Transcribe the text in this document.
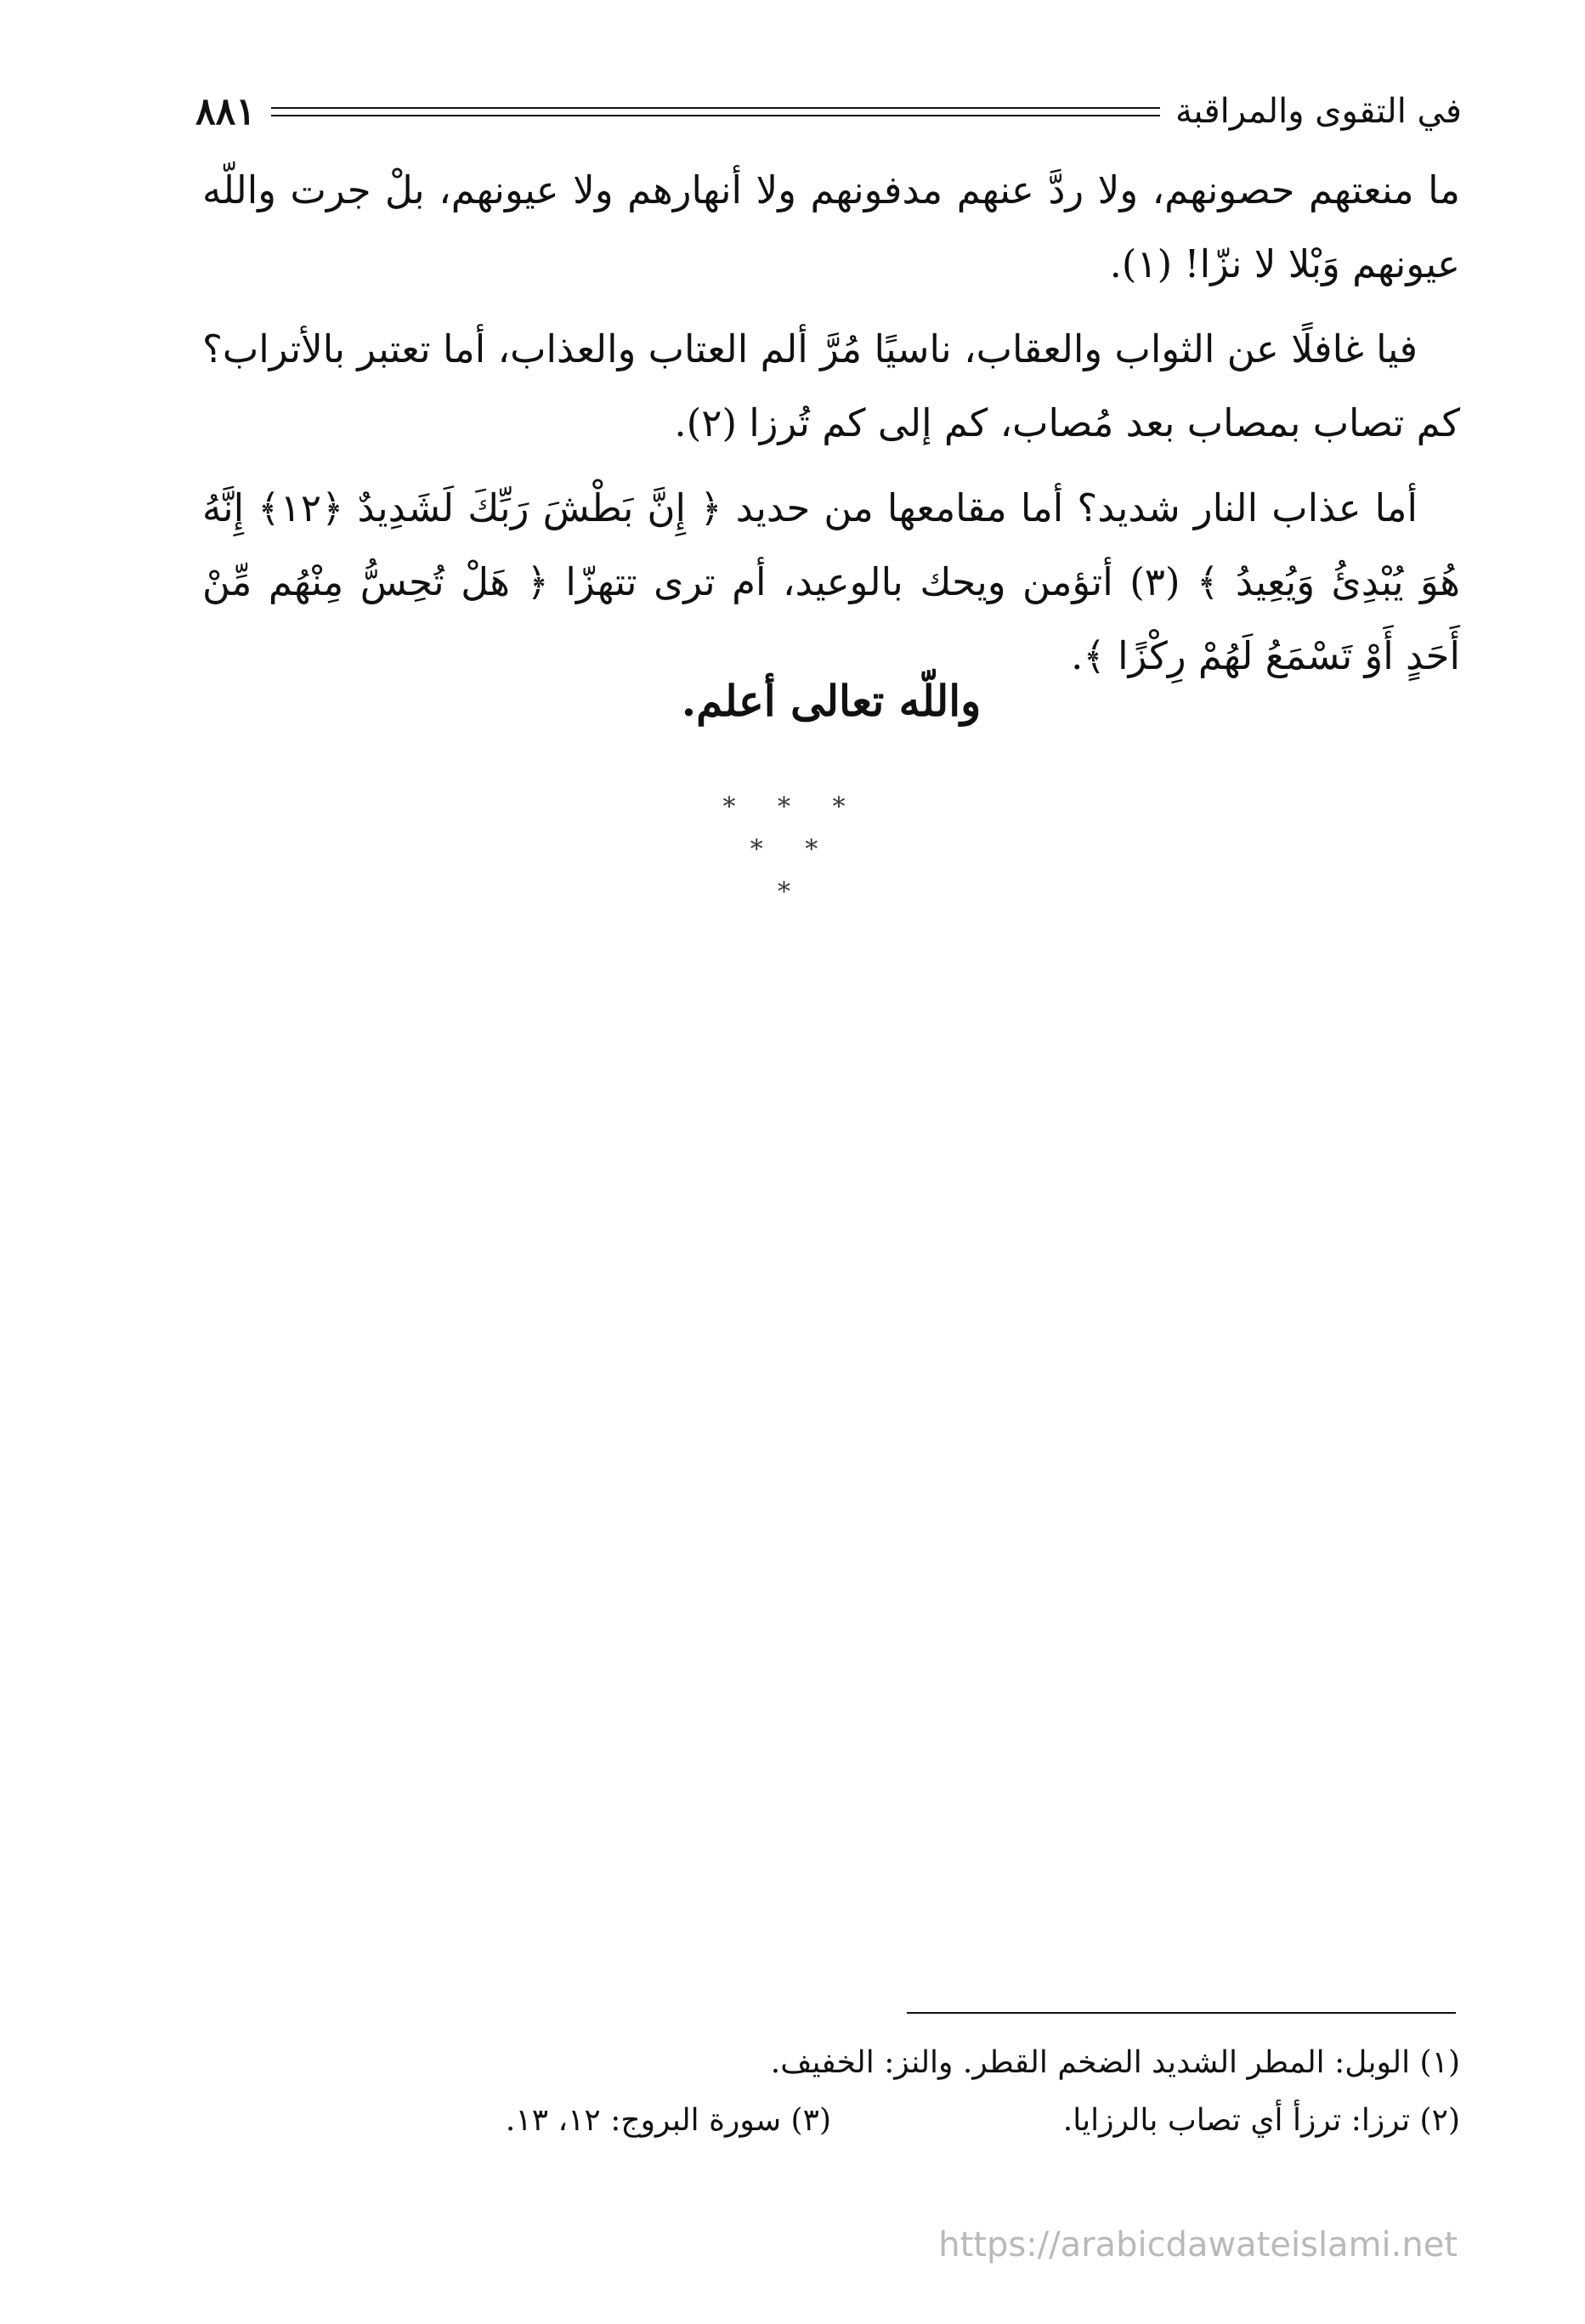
في التقوى والمراقبة
٨٨١

ما منعتهم حصونهم، ولا ردَّ عنهم مدفونهم ولا أنهارهم ولا عيونهم، بلْ جرت واللّه عيونهم وَبْلا لا نزّا! (١).

فيا غافلًا عن الثواب والعقاب، ناسيًا مُرَّ ألم العتاب والعذاب، أما تعتبر بالأتراب؟ كم تصاب بمصاب بعد مُصاب، كم إلى كم تُرزا (٢).

أما عذاب النار شديد؟ أما مقامعها من حديد ﴿ إِنَّ بَطْشَ رَبِّكَ لَشَدِيدٌ ﴿١٢﴾ إِنَّهُ هُوَ يُبْدِئُ وَيُعِيدُ ﴾ (٣) أتؤمن ويحك بالوعيد، أم ترى تتهزّا ﴿ هَلْ تُحِسُّ مِنْهُم مِّنْ أَحَدٍ أَوْ تَسْمَعُ لَهُمْ رِكْزًا ﴾.

واللّه تعالى أعلم.
* * *
* *
*
(١) الوبل: المطر الشديد الضخم القطر. والنز: الخفيف.
(٢) ترزا: ترزأ أي تصاب بالرزايا.
(٣) سورة البروج: ١٢، ١٣.
https://arabicdawateislami.net
